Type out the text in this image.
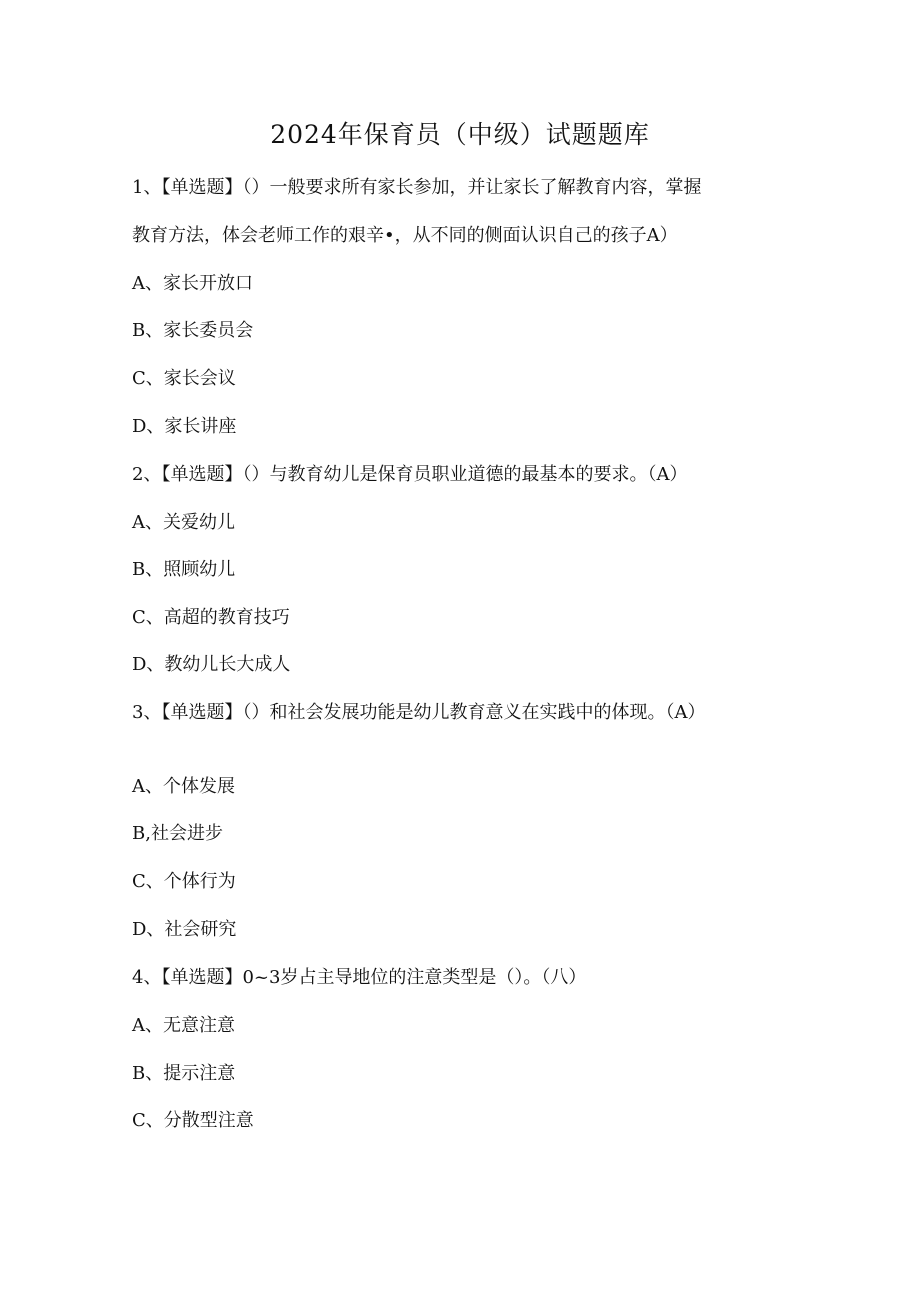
2024年保育员（中级）试题题库
1、【单选题】（）一般要求所有家长参加，并让家长了解教育内容，掌握
教育方法，体会老师工作的艰辛•，从不同的侧面认识自己的孩子A）
A、家长开放口
B、家长委员会
C、家长会议
D、家长讲座
2、【单选题】（）与教育幼儿是保育员职业道德的最基本的要求。（A）
A、关爱幼儿
B、照顾幼儿
C、高超的教育技巧
D、教幼儿长大成人
3、【单选题】（）和社会发展功能是幼儿教育意义在实践中的体现。（A）
A、个体发展
B,社会进步
C、个体行为
D、社会研究
4、【单选题】0~3岁占主导地位的注意类型是（）。（八）
A、无意注意
B、提示注意
C、分散型注意
